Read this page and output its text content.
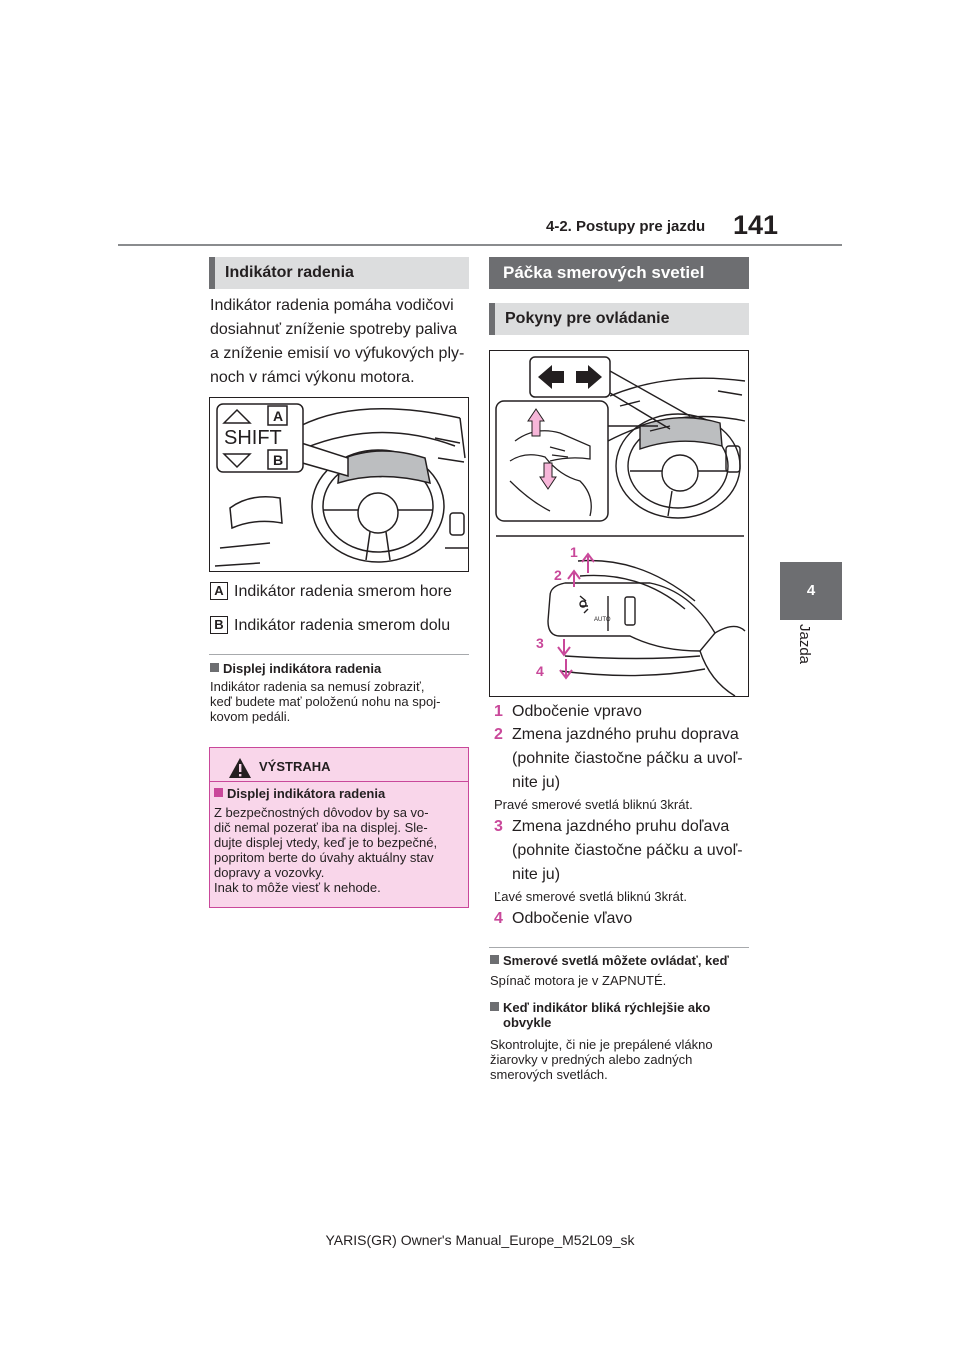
4-2. Postupy pre jazdu 141
4
Jazda
Indikátor radenia
Indikátor radenia pomáha vodičovi
dosiahnuť zníženie spotreby paliva
a zníženie emisií vo výfukových ply-
noch v rámci výkonu motora.
SHIFT
A
B
A Indikátor radenia smerom hore
B Indikátor radenia smerom dolu
Displej indikátora radenia
Indikátor radenia sa nemusí zobraziť,
keď budete mať položenú nohu na spoj-
kovom pedáli.
VÝSTRAHA
Displej indikátora radenia
Z bezpečnostných dôvodov by sa vo-
dič nemal pozerať iba na displej. Sle-
dujte displej vtedy, keď je to bezpečné,
popritom berte do úvahy aktuálny stav
dopravy a vozovky.
Inak to môže viesť k nehode.
Páčka smerových svetiel
Pokyny pre ovládanie
1
2
3
4
AUTO
1 Odbočenie vpravo
2 Zmena jazdného pruhu doprava
(pohnite čiastočne páčku a uvoľ-
nite ju)
Pravé smerové svetlá bliknú 3krát.
3 Zmena jazdného pruhu doľava
(pohnite čiastočne páčku a uvoľ-
nite ju)
Ľavé smerové svetlá bliknú 3krát.
4 Odbočenie vľavo
Smerové svetlá môžete ovládať, keď
Spínač motora je v ZAPNUTÉ.
Keď indikátor bliká rýchlejšie ako
obvykle
Skontrolujte, či nie je prepálené vlákno
žiarovky v predných alebo zadných
smerových svetlách.
YARIS(GR) Owner's Manual_Europe_M52L09_sk
